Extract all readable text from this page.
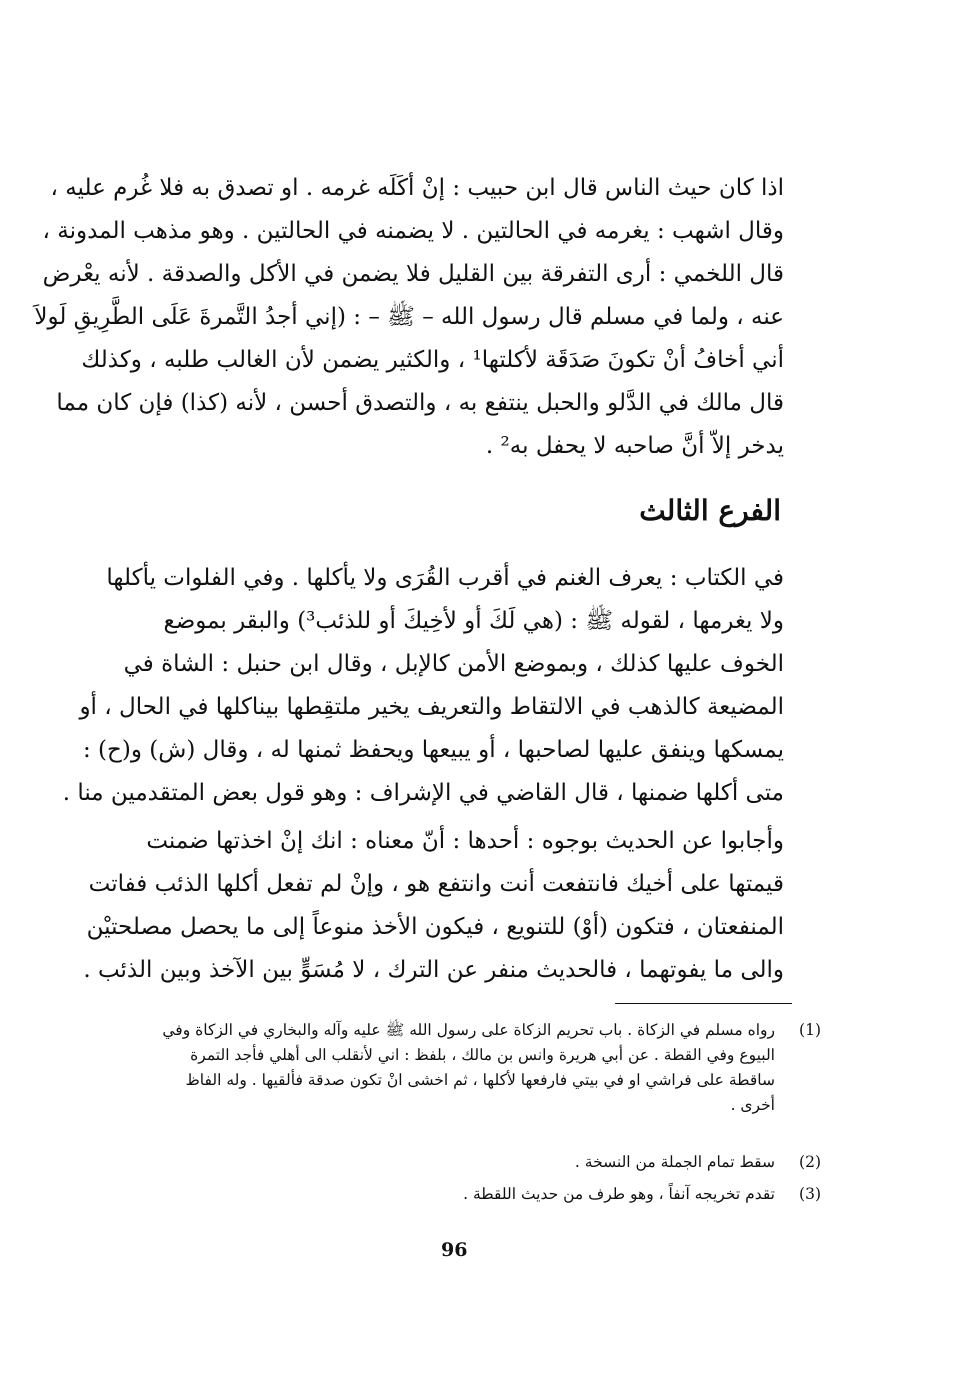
اذا كان حيث الناس قال ابن حبيب : إنْ أكَلَه غرمه . او تصدق به فلا غُرم عليه ،
وقال اشهب : يغرمه في الحالتين . لا يضمنه في الحالتين . وهو مذهب المدونة ،
قال اللخمي : أرى التفرقة بين القليل فلا يضمن في الأكل والصدقة . لأنه يعْرض
عنه ، ولما في مسلم قال رسول الله – ﷺ – : (إني أجدُ التَّمرةَ عَلَى الطَّرِيقِ لَولاَ
أني أخافُ أنْ تكونَ صَدَقَة لأكلتها¹ ، والكثير يضمن لأن الغالب طلبه ، وكذلك
قال مالك في الدَّلو والحبل ينتفع به ، والتصدق أحسن ، لأنه (كذا) فإن كان مما
يدخر إلاّ أنَّ صاحبه لا يحفل به² .
الفرع الثالث
في الكتاب : يعرف الغنم في أقرب القُرَى ولا يأكلها . وفي الفلوات يأكلها
ولا يغرمها ، لقوله ﷺ : (هي لَكَ أو لأخِيكَ أو للذئب³) والبقر بموضع
الخوف عليها كذلك ، وبموضع الأمن كالإبل ، وقال ابن حنبل : الشاة في
المضيعة كالذهب في الالتقاط والتعريف يخير ملتقِطها بيناكلها في الحال ، أو
يمسكها وينفق عليها لصاحبها ، أو يبيعها ويحفظ ثمنها له ، وقال (ش) و(ح) :
متى أكلها ضمنها ، قال القاضي في الإشراف : وهو قول بعض المتقدمين منا .
وأجابوا عن الحديث بوجوه : أحدها : أنّ معناه : انك إنْ اخذتها ضمنت
قيمتها على أخيك فانتفعت أنت وانتفع هو ، وإنْ لم تفعل أكلها الذئب ففاتت
المنفعتان ، فتكون (أوْ) للتنويع ، فيكون الأخذ منوعاً إلى ما يحصل مصلحتيْن
والى ما يفوتهما ، فالحديث منفر عن الترك ، لا مُسَوٍّ بين الآخذ وبين الذئب .
(1)
رواه مسلم في الزكاة . باب تحريم الزكاة على رسول الله ﷺ عليه وآله والبخاري في الزكاة وفي
البيوع وفي القطة . عن أبي هريرة وانس بن مالك ، بلفظ : اني لأنقلب الى أهلي فأجد التمرة
ساقطة على فراشي او في بيتي فارفعها لأكلها ، ثم اخشى انْ تكون صدقة فألقيها . وله الفاظ
أخرى .
(2)
سقط تمام الجملة من النسخة .
(3)
تقدم تخريجه آنفاً ، وهو طرف من حديث اللقطة .
96
